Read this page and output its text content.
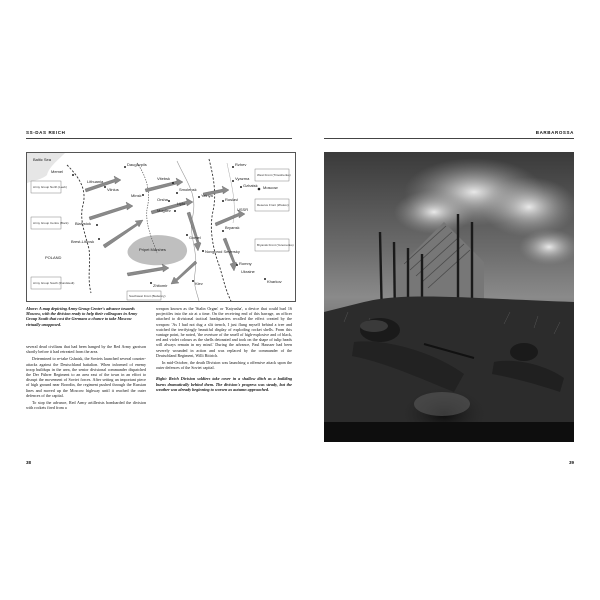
SS-DAS REICH	BARBAROSSA
Baltic Sea
Memel
Daugavpils
Lithuania
Vilnius
Minsk
Vitebsk
Smolensk
Yelnya
Orsha
Mogilev
Lipki
Bialystok
Brest-Litovsk
POLAND
Pripet Marshes
Gomel
Novgorod Seversky
Bryansk
Kiev
Zhitomir
USSR
Ukraine
Kharkov
Moscow
Rzhev
Vyazma
Gzhatsk
Roslavl
Romny
Army Group North (Leeb)
Army Group Centre (Bock)
Army Group South (Rundstedt)
West Front (Timoshenko)
Reserve Front (Zhukov)
Bryansk Front (Yeremenko)
Southwest Front (Budenny)
Above: A map depicting Army Group Center's advance towards Moscow, with the division ready to help their colleagues in Army Group South that cost the Germans a chance to take Moscow virtually unopposed.

several dead civilians that had been hanged by the Red Army garrison shortly before it had retreated from the area.

Determined to re-take Gshatsk, the Soviets launched several counter-attacks against the Deutschland battalion. When informed of enemy troop buildups in the area, the senior divisional commander dispatched the Der Führer Regiment to an area east of the town in an effort to disrupt the movement of Soviet forces. After setting an important piece of high ground near Borodin, the regiment pushed through the Russian lines and moved up the Moscow highway until it reached the outer defences of the capital.

To stop the advance, Red Army artillerists bombarded the division with rockets fired from a

weapon known as the 'Stalin Organ' or 'Katyusha', a device that could hurl 16 projectiles into the air at a time. On the receiving end of this barrage, an officer attached to divisional tactical headquarters recalled the effect created by the weapon: 'As I had not dug a slit trench, I just flung myself behind a tree and watched the terrifyingly beautiful display of exploding rocket shells. From this vantage point, he noted, 'the overture of the smell of high-explosive and of black, red and violet colours as the shells detonated and took on the shape of tulip heads will always remain in my mind.' During the advance, Paul Hausser had been severely wounded in action and was replaced by the commander of the Deutschland Regiment, Willi Bittrich.

In mid-October, the death Division was launching a offensive attack upon the outer defences of the Soviet capital.

Right: Reich Division soldiers take cover in a shallow ditch as a building burns dramatically behind them. The division's progress was steady, but the weather was already beginning to worsen as autumn approached.
38	39
